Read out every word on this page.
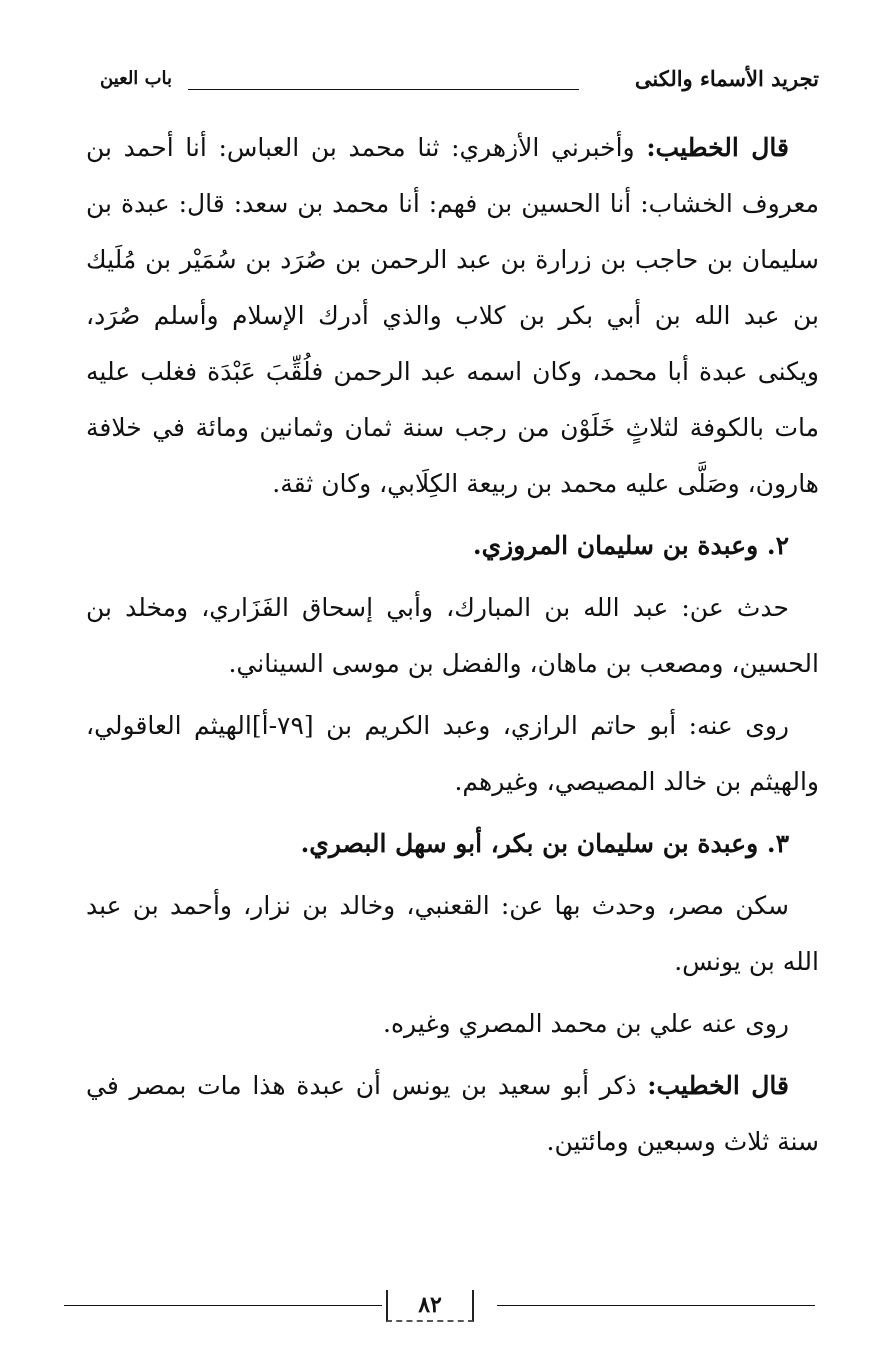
تجريد الأسماء والكنى
باب العين

قال الخطيب: وأخبرني الأزهري: ثنا محمد بن العباس: أنا أحمد بن معروف الخشاب: أنا الحسين بن فهم: أنا محمد بن سعد: قال: عبدة بن سليمان بن حاجب بن زرارة بن عبد الرحمن بن صُرَد بن سُمَيْر بن مُلَيك بن عبد الله بن أبي بكر بن كلاب والذي أدرك الإسلام وأسلم صُرَد، ويكنى عبدة أبا محمد، وكان اسمه عبد الرحمن فلُقِّبَ عَبْدَة فغلب عليه مات بالكوفة لثلاثٍ خَلَوْن من رجب سنة ثمان وثمانين ومائة في خلافة هارون، وصَلَّى عليه محمد بن ربيعة الكِلَابي، وكان ثقة.

٢. وعبدة بن سليمان المروزي.

حدث عن: عبد الله بن المبارك، وأبي إسحاق الفَزَاري، ومخلد بن الحسين، ومصعب بن ماهان، والفضل بن موسى السيناني.

روى عنه: أبو حاتم الرازي، وعبد الكريم بن [٧٩-أ]الهيثم العاقولي، والهيثم بن خالد المصيصي، وغيرهم.

٣. وعبدة بن سليمان بن بكر، أبو سهل البصري.

سكن مصر، وحدث بها عن: القعنبي، وخالد بن نزار، وأحمد بن عبد الله بن يونس.

روى عنه علي بن محمد المصري وغيره.

قال الخطيب: ذكر أبو سعيد بن يونس أن عبدة هذا مات بمصر في سنة ثلاث وسبعين ومائتين.

٨٢
